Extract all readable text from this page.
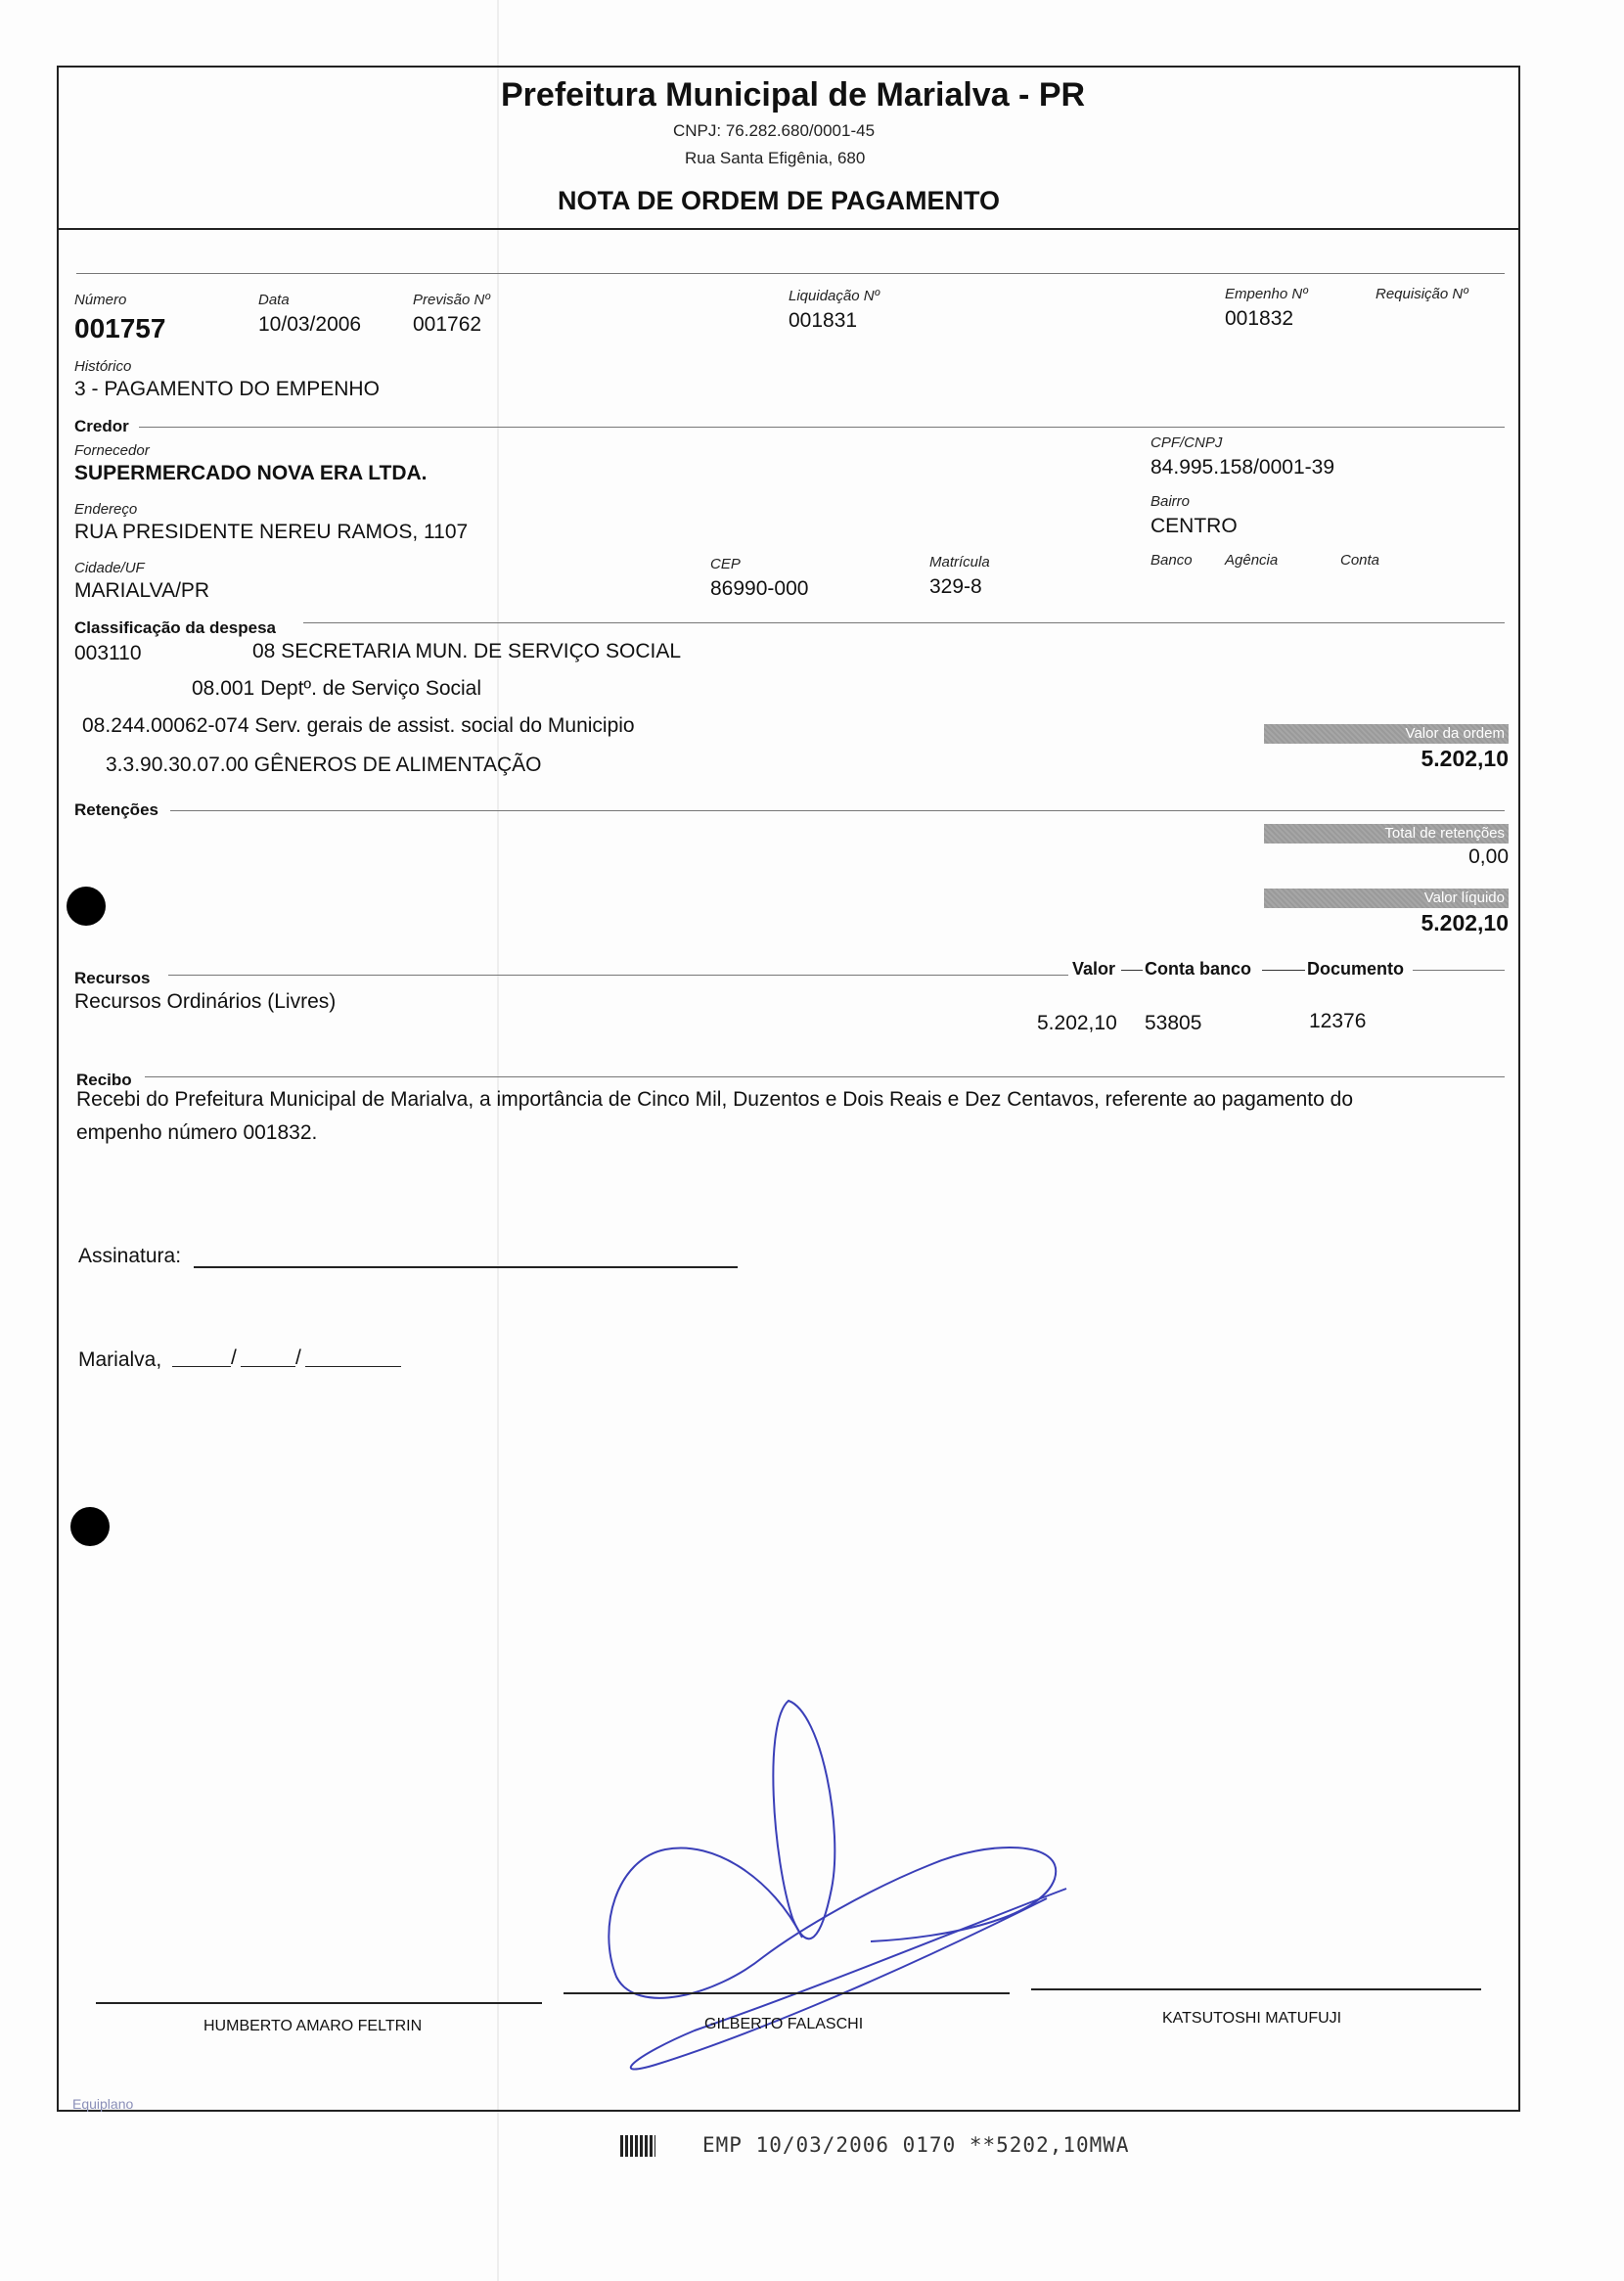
Prefeitura Municipal de Marialva - PR
CNPJ: 76.282.680/0001-45
Rua Santa Efigênia, 680
NOTA DE ORDEM DE PAGAMENTO
Número
001757
Data
10/03/2006
Previsão Nº
001762
Liquidação Nº
001831
Empenho Nº
001832
Requisição Nº
Histórico
3 - PAGAMENTO DO EMPENHO
Credor
Fornecedor
SUPERMERCADO NOVA ERA LTDA.
CPF/CNPJ
84.995.158/0001-39
Endereço
RUA PRESIDENTE NEREU RAMOS, 1107
Bairro
CENTRO
Cidade/UF
MARIALVA/PR
CEP
86990-000
Matrícula
329-8
Banco Agência	Conta
Classificação da despesa
003110	08 SECRETARIA MUN. DE SERVIÇO SOCIAL
08.001 Deptº. de Serviço Social
08.244.00062-074 Serv. gerais de assist. social do Municipio
3.3.90.30.07.00 GÊNEROS DE ALIMENTAÇÃO
Valor da ordem
5.202,10
Retenções
Total de retenções
0,00
Valor líquido
5.202,10
Recursos	Valor Conta banco	Documento
Recursos Ordinários (Livres)
5.202,10 53805	12376
Recibo
Recebi do Prefeitura Municipal de Marialva, a importância de Cinco Mil, Duzentos e Dois Reais e Dez Centavos, referente ao pagamento do
empenho número 001832.
Assinatura:
Marialva,	/	/
HUMBERTO AMARO FELTRIN	GILBERTO FALASCHI	KATSUTOSHI MATUFUJI
Equiplano
EMP 10/03/2006 0170 **5202,10MWA
